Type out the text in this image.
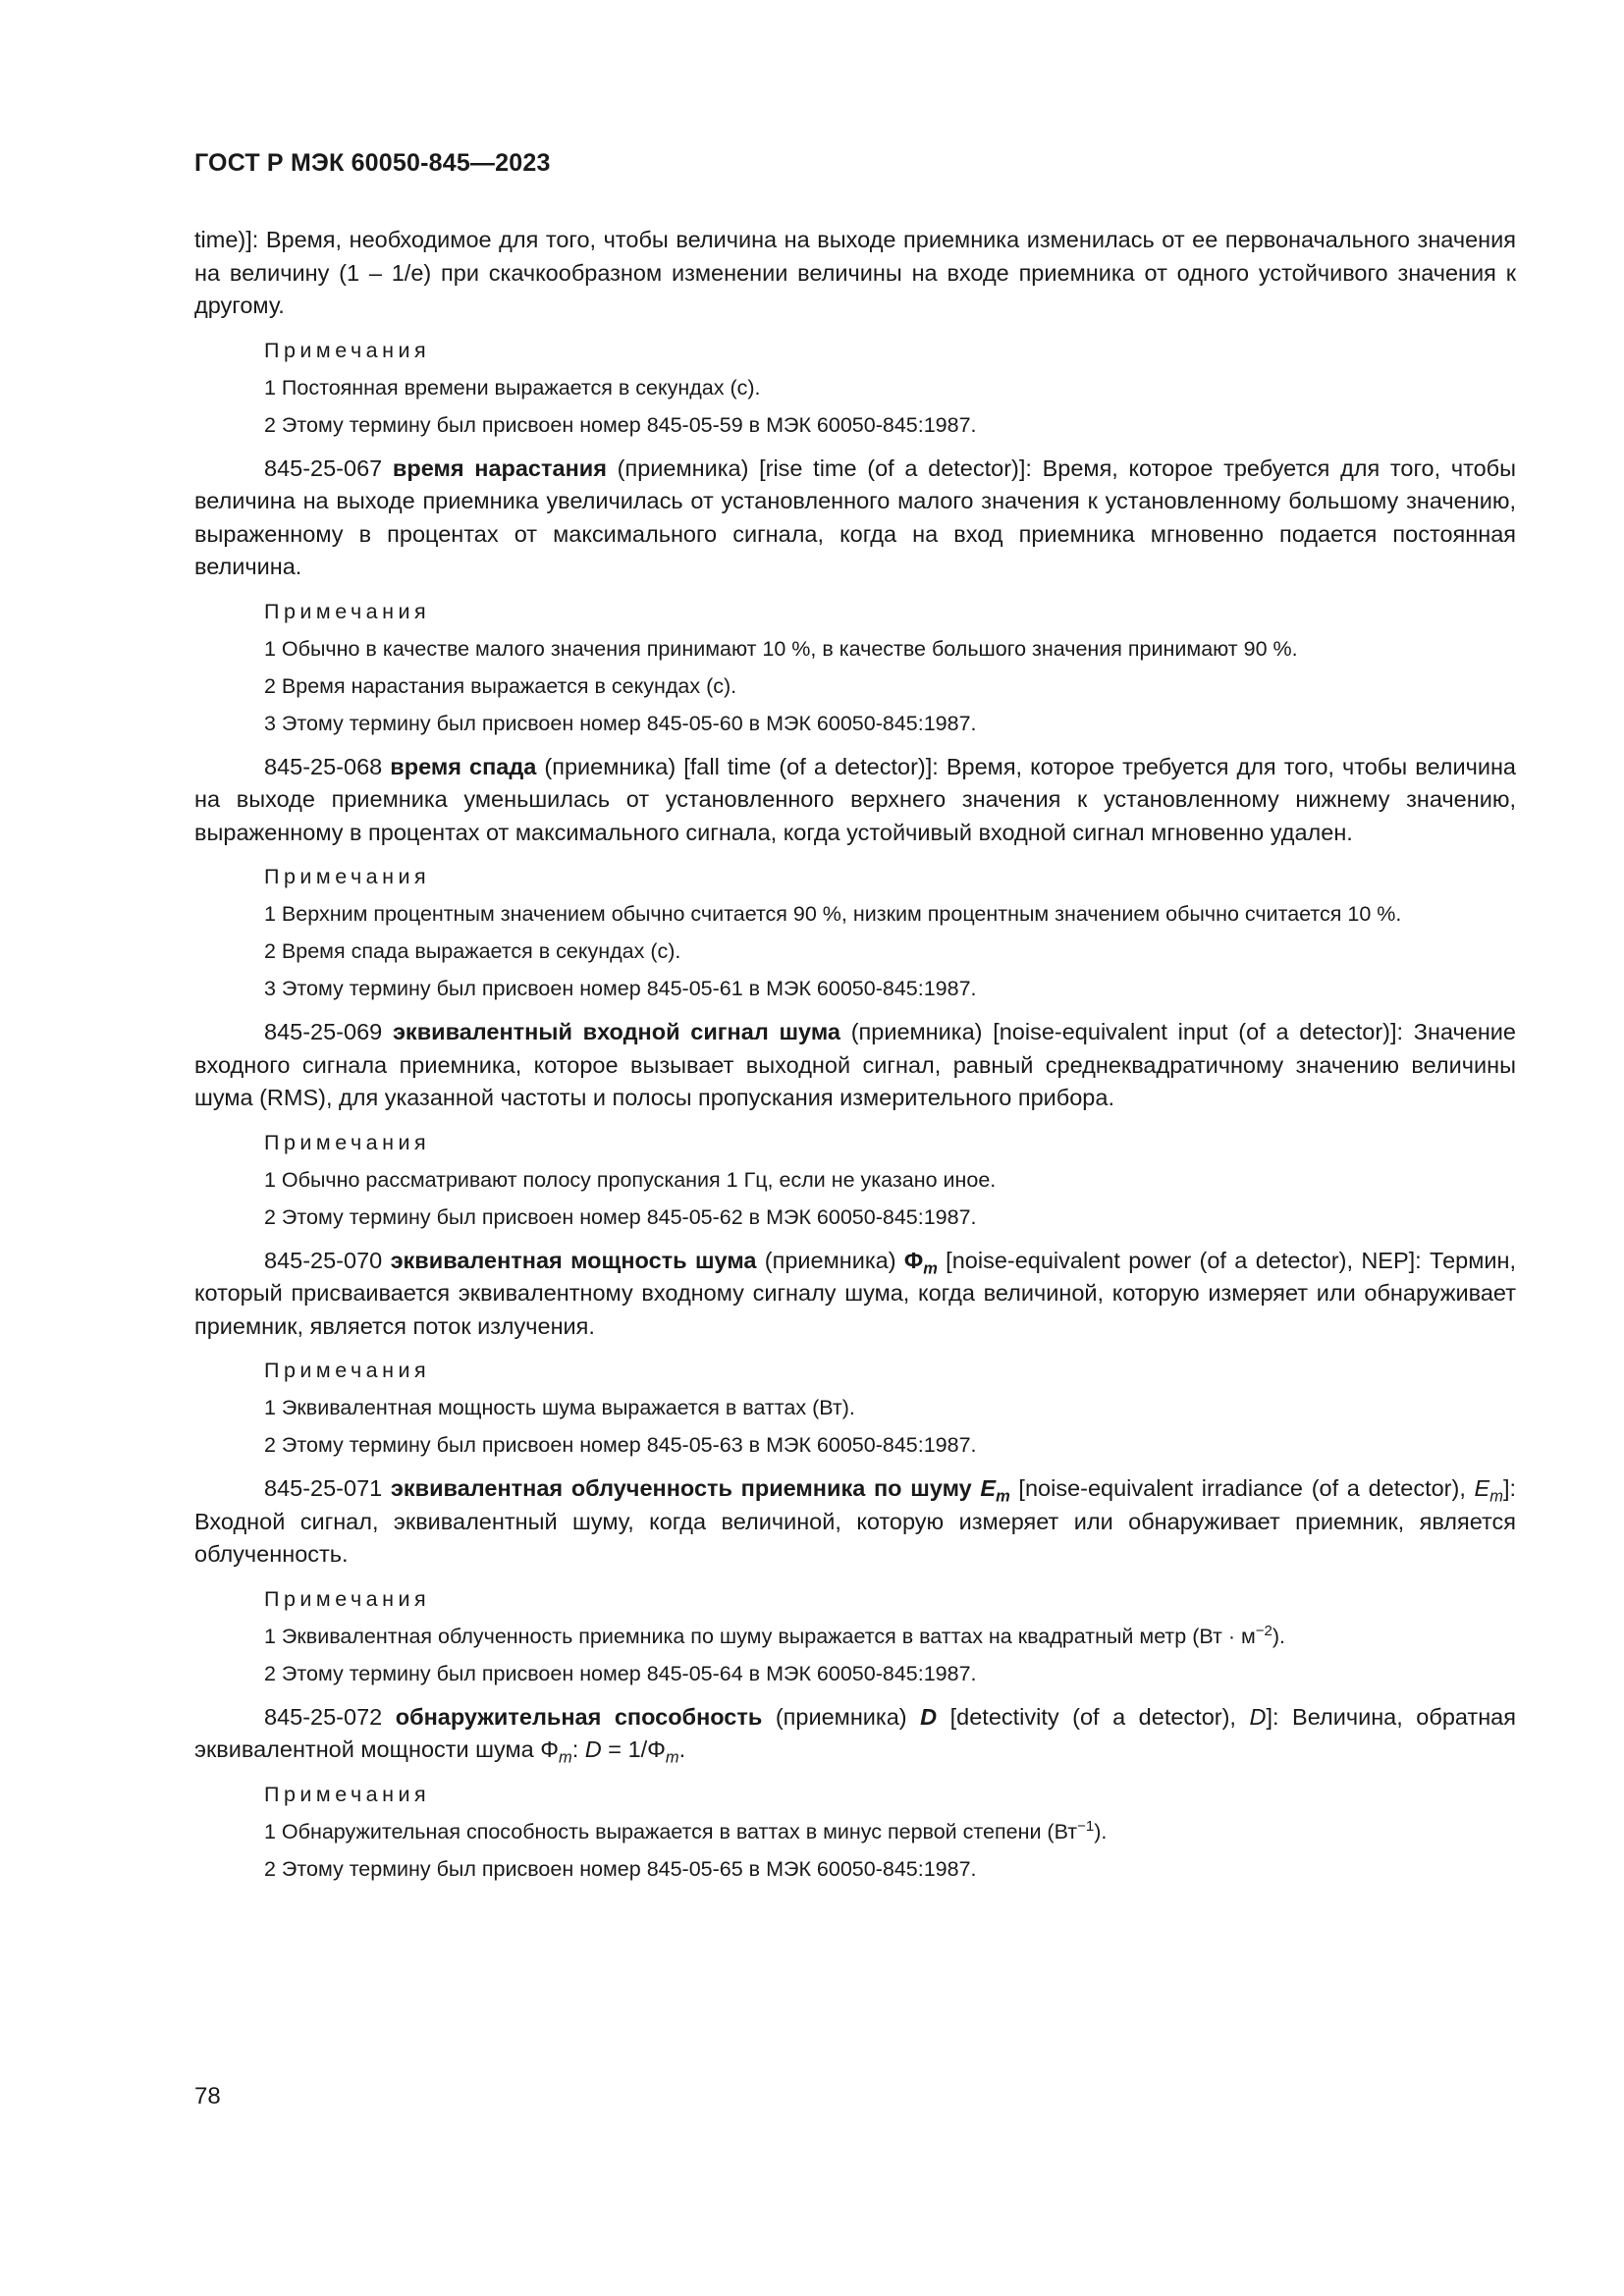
ГОСТ Р МЭК 60050-845—2023

time)]: Время, необходимое для того, чтобы величина на выходе приемника изменилась от ее первоначального значения на величину (1 – 1/e) при скачкообразном изменении величины на входе приемника от одного устойчивого значения к другому.

Примечания
1 Постоянная времени выражается в секундах (с).
2 Этому термину был присвоен номер 845-05-59 в МЭК 60050-845:1987.

845-25-067 время нарастания (приемника) [rise time (of a detector)]: Время, которое требуется для того, чтобы величина на выходе приемника увеличилась от установленного малого значения к установленному большому значению, выраженному в процентах от максимального сигнала, когда на вход приемника мгновенно подается постоянная величина.

Примечания
1 Обычно в качестве малого значения принимают 10 %, в качестве большого значения принимают 90 %.
2 Время нарастания выражается в секундах (с).
3 Этому термину был присвоен номер 845-05-60 в МЭК 60050-845:1987.

845-25-068 время спада (приемника) [fall time (of a detector)]: Время, которое требуется для того, чтобы величина на выходе приемника уменьшилась от установленного верхнего значения к установленному нижнему значению, выраженному в процентах от максимального сигнала, когда устойчивый входной сигнал мгновенно удален.

Примечания
1 Верхним процентным значением обычно считается 90 %, низким процентным значением обычно считается 10 %.
2 Время спада выражается в секундах (с).
3 Этому термину был присвоен номер 845-05-61 в МЭК 60050-845:1987.

845-25-069 эквивалентный входной сигнал шума (приемника) [noise-equivalent input (of a detector)]: Значение входного сигнала приемника, которое вызывает выходной сигнал, равный среднеквадратичному значению величины шума (RMS), для указанной частоты и полосы пропускания измерительного прибора.

Примечания
1 Обычно рассматривают полосу пропускания 1 Гц, если не указано иное.
2 Этому термину был присвоен номер 845-05-62 в МЭК 60050-845:1987.

845-25-070 эквивалентная мощность шума (приемника) $\Phi_m$ [noise-equivalent power (of a detector), NEP]: Термин, который присваивается эквивалентному входному сигналу шума, когда величиной, которую измеряет или обнаруживает приемник, является поток излучения.

Примечания
1 Эквивалентная мощность шума выражается в ваттах (Вт).
2 Этому термину был присвоен номер 845-05-63 в МЭК 60050-845:1987.

845-25-071 эквивалентная облученность приемника по шуму $E_m$ [noise-equivalent irradiance (of a detector), $E_m$]: Входной сигнал, эквивалентный шуму, когда величиной, которую измеряет или обнаруживает приемник, является облученность.

Примечания
1 Эквивалентная облученность приемника по шуму выражается в ваттах на квадратный метр $(Вт \cdot м^{-2})$.
2 Этому термину был присвоен номер 845-05-64 в МЭК 60050-845:1987.

845-25-072 обнаружительная способность (приемника) D [detectivity (of a detector), D]: Величина, обратная эквивалентной мощности шума $\Phi_m$: $D = 1/\Phi_m$.

Примечания
1 Обнаружительная способность выражается в ваттах в минус первой степени $(Вт^{-1})$.
2 Этому термину был присвоен номер 845-05-65 в МЭК 60050-845:1987.
78
